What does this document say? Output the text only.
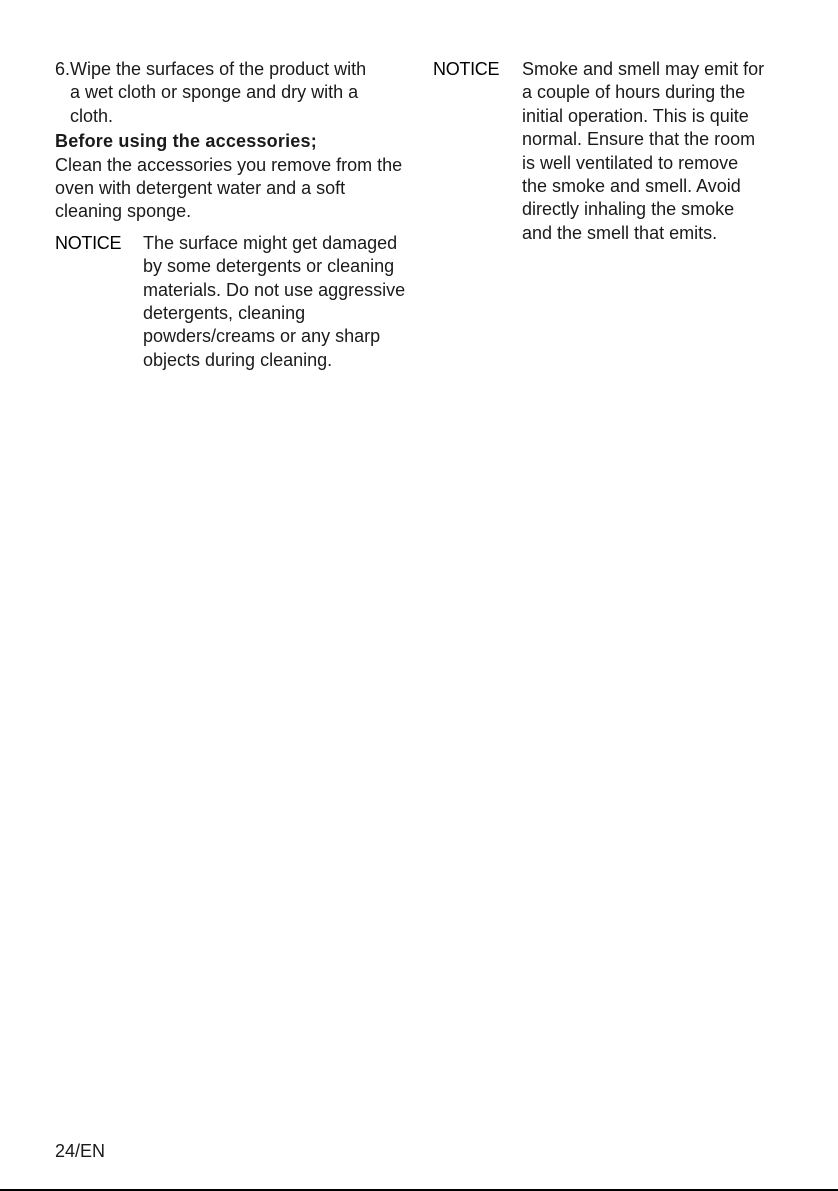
6. Wipe the surfaces of the product with
a wet cloth or sponge and dry with a
cloth.
Before using the accessories;

Clean the accessories you remove from the oven with detergent water and a soft cleaning sponge.

NOTICE	The surface might get damaged by some detergents or cleaning materials. Do not use aggressive detergents, cleaning powders/creams or any sharp objects during cleaning.

NOTICE	Smoke and smell may emit for a couple of hours during the initial operation. This is quite normal. Ensure that the room is well ventilated to remove the smoke and smell. Avoid directly inhaling the smoke and the smell that emits.

24/EN
